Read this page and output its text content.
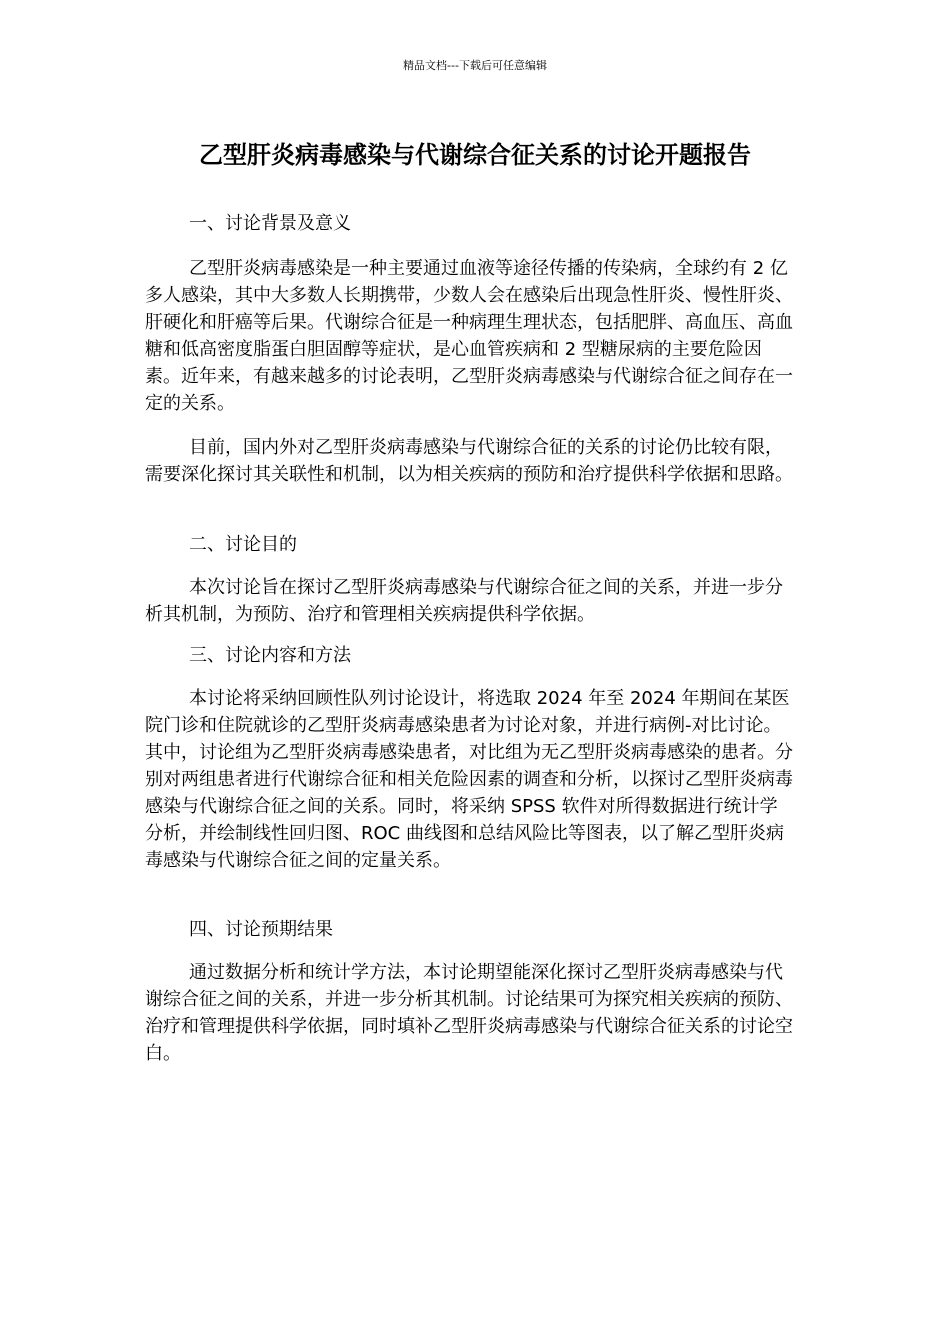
精品文档---下载后可任意编辑
乙型肝炎病毒感染与代谢综合征关系的讨论开题报告

一、讨论背景及意义

乙型肝炎病毒感染是一种主要通过血液等途径传播的传染病，全球约有 2 亿多人感染，其中大多数人长期携带，少数人会在感染后出现急性肝炎、慢性肝炎、肝硬化和肝癌等后果。代谢综合征是一种病理生理状态，包括肥胖、高血压、高血糖和低高密度脂蛋白胆固醇等症状，是心血管疾病和 2 型糖尿病的主要危险因素。近年来，有越来越多的讨论表明，乙型肝炎病毒感染与代谢综合征之间存在一定的关系。

目前，国内外对乙型肝炎病毒感染与代谢综合征的关系的讨论仍比较有限，需要深化探讨其关联性和机制，以为相关疾病的预防和治疗提供科学依据和思路。

二、讨论目的

本次讨论旨在探讨乙型肝炎病毒感染与代谢综合征之间的关系，并进一步分析其机制，为预防、治疗和管理相关疾病提供科学依据。

三、讨论内容和方法

本讨论将采纳回顾性队列讨论设计，将选取 2024 年至 2024 年期间在某医院门诊和住院就诊的乙型肝炎病毒感染患者为讨论对象，并进行病例-对比讨论。其中，讨论组为乙型肝炎病毒感染患者，对比组为无乙型肝炎病毒感染的患者。分别对两组患者进行代谢综合征和相关危险因素的调查和分析，以探讨乙型肝炎病毒感染与代谢综合征之间的关系。同时，将采纳 SPSS 软件对所得数据进行统计学分析，并绘制线性回归图、ROC 曲线图和总结风险比等图表，以了解乙型肝炎病毒感染与代谢综合征之间的定量关系。

四、讨论预期结果

通过数据分析和统计学方法，本讨论期望能深化探讨乙型肝炎病毒感染与代谢综合征之间的关系，并进一步分析其机制。讨论结果可为探究相关疾病的预防、治疗和管理提供科学依据，同时填补乙型肝炎病毒感染与代谢综合征关系的讨论空白。
